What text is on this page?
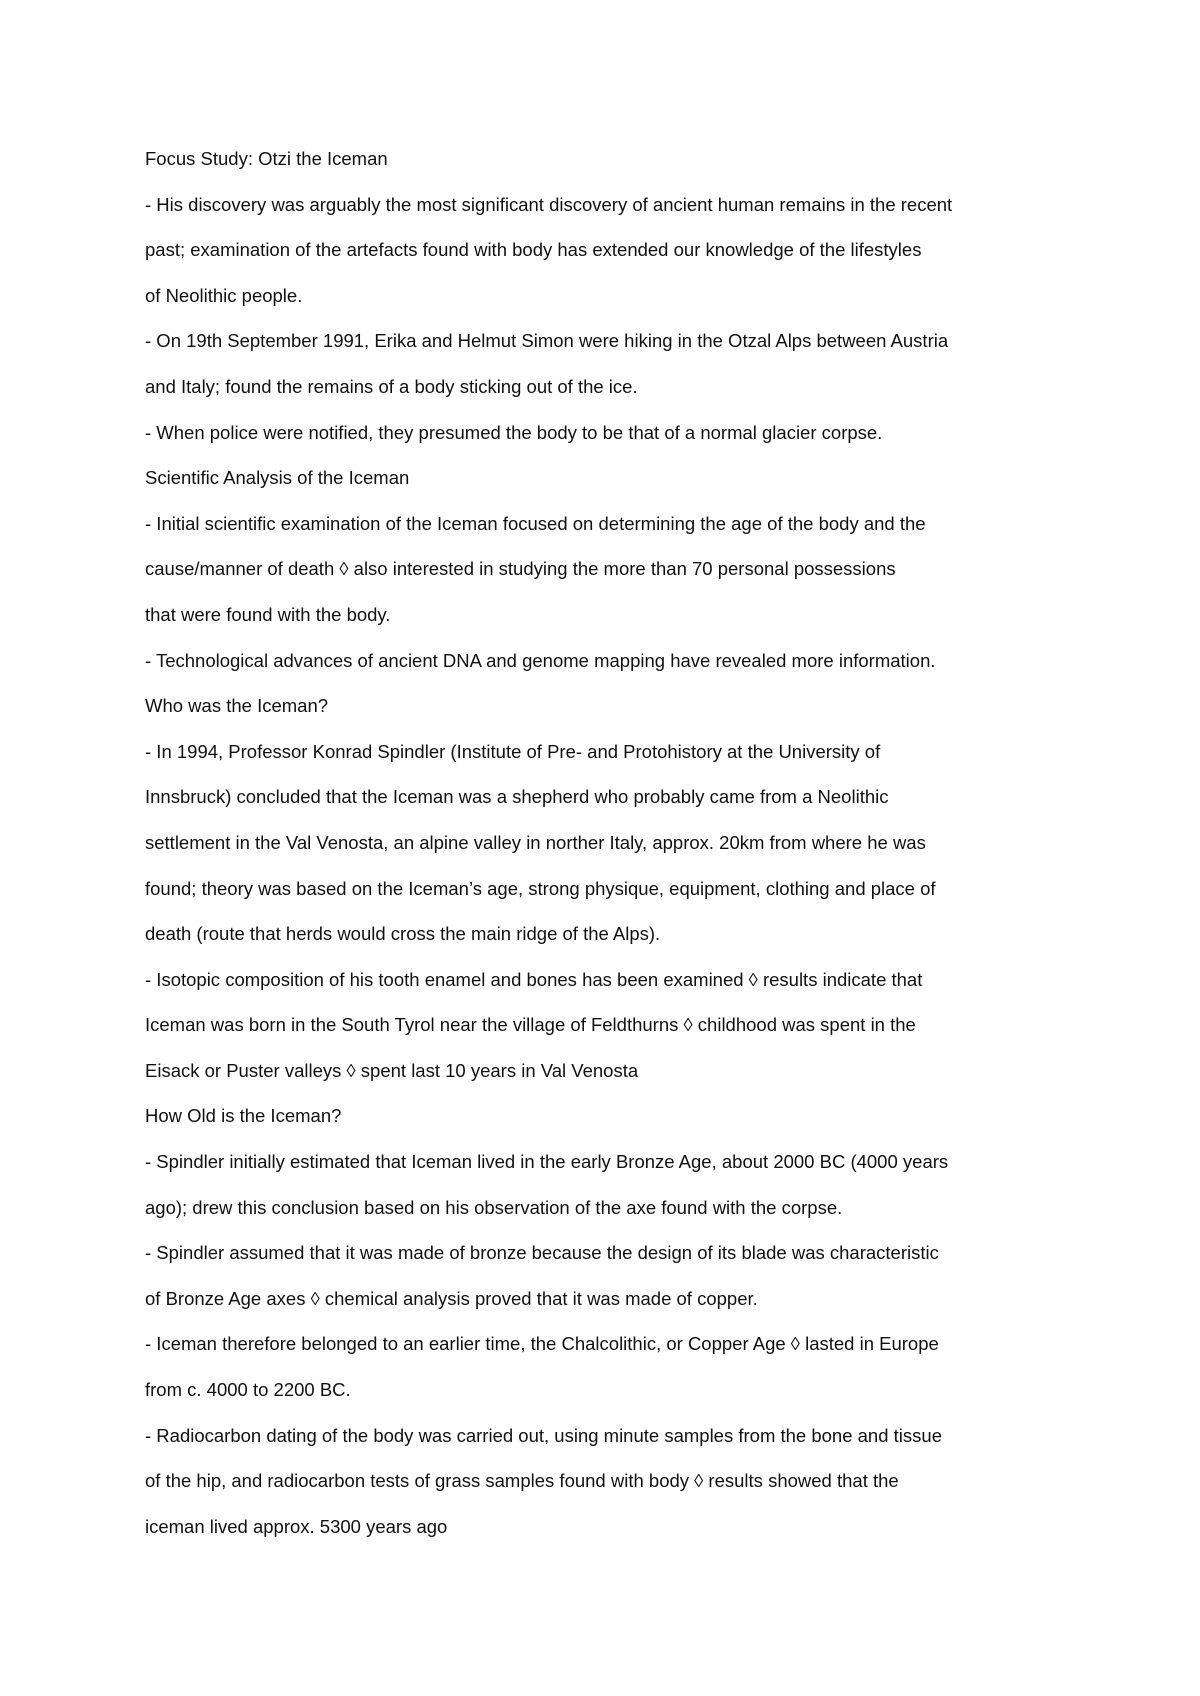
Focus Study: Otzi the Iceman
- His discovery was arguably the most significant discovery of ancient human remains in the recent
past; examination of the artefacts found with body has extended our knowledge of the lifestyles
of Neolithic people.
- On 19th September 1991, Erika and Helmut Simon were hiking in the Otzal Alps between Austria
and Italy; found the remains of a body sticking out of the ice.
- When police were notified, they presumed the body to be that of a normal glacier corpse.
Scientific Analysis of the Iceman
- Initial scientific examination of the Iceman focused on determining the age of the body and the
cause/manner of death ◊ also interested in studying the more than 70 personal possessions
that were found with the body.
- Technological advances of ancient DNA and genome mapping have revealed more information.
Who was the Iceman?
- In 1994, Professor Konrad Spindler (Institute of Pre- and Protohistory at the University of
Innsbruck) concluded that the Iceman was a shepherd who probably came from a Neolithic
settlement in the Val Venosta, an alpine valley in norther Italy, approx. 20km from where he was
found; theory was based on the Iceman’s age, strong physique, equipment, clothing and place of
death (route that herds would cross the main ridge of the Alps).
- Isotopic composition of his tooth enamel and bones has been examined ◊ results indicate that
Iceman was born in the South Tyrol near the village of Feldthurns ◊ childhood was spent in the
Eisack or Puster valleys ◊ spent last 10 years in Val Venosta
How Old is the Iceman?
- Spindler initially estimated that Iceman lived in the early Bronze Age, about 2000 BC (4000 years
ago); drew this conclusion based on his observation of the axe found with the corpse.
- Spindler assumed that it was made of bronze because the design of its blade was characteristic
of Bronze Age axes ◊ chemical analysis proved that it was made of copper.
- Iceman therefore belonged to an earlier time, the Chalcolithic, or Copper Age ◊ lasted in Europe
from c. 4000 to 2200 BC.
- Radiocarbon dating of the body was carried out, using minute samples from the bone and tissue
of the hip, and radiocarbon tests of grass samples found with body ◊ results showed that the
iceman lived approx. 5300 years ago
